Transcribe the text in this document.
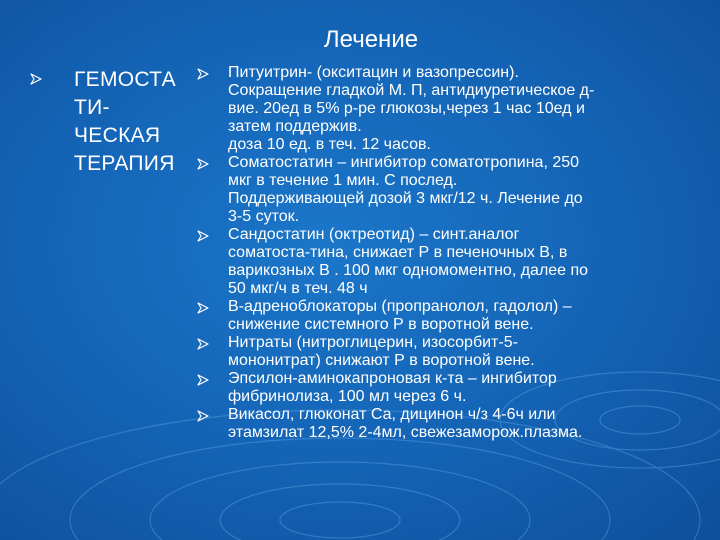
Лечение
ГЕМОСТА
ТИ-
ЧЕСКАЯ
ТЕРАПИЯ
Питуитрин- (окситацин и вазопрессин).
Сокращение гладкой М. П, антидиуретическое д-
вие. 20ед в 5% р-ре глюкозы,через 1 час 10ед и
затем поддержив.
доза 10 ед. в теч. 12 часов.
Соматостатин – ингибитор соматотропина, 250
мкг в течение 1 мин. С послед.
Поддерживающей дозой 3 мкг/12 ч. Лечение до
3-5 суток.
Сандостатин (октреотид) – синт.аналог
соматоста-тина, снижает Р в печеночных В, в
варикозных В . 100 мкг одномоментно, далее по
50 мкг/ч в теч. 48 ч
В-адреноблокаторы (пропранолол, гадолол) –
снижение системного Р в воротной вене.
Нитраты (нитроглицерин, изосорбит-5-
мононитрат) снижают Р в воротной вене.
Эпсилон-аминокапроновая к-та – ингибитор
фибринолиза, 100 мл через 6 ч.
Викасол, глюконат Са, дицинон ч/з 4-6ч или
этамзилат 12,5% 2-4мл, свежезаморож.плазма.
